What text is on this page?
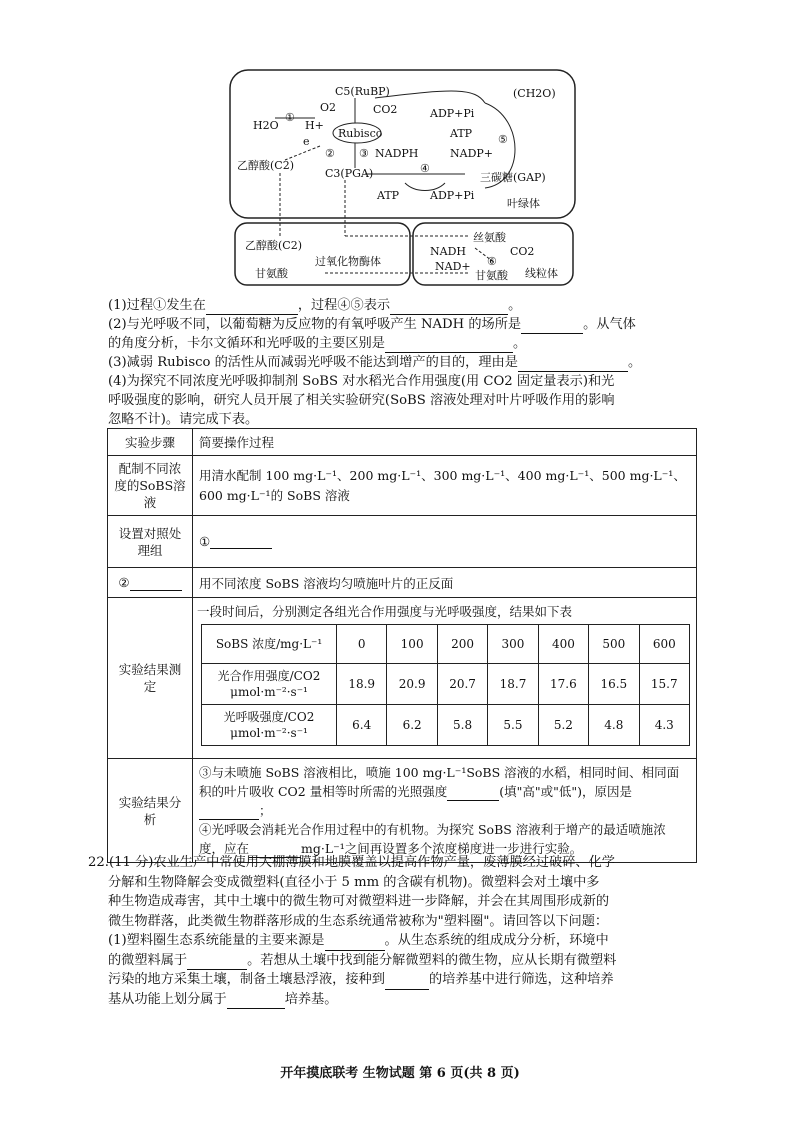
C5(RuBP)
O2	CO2
H2O
①
H+
e
Rubisco
乙醇酸(C2)
② ③ NADPH	NADP+
④
C3(PGA)
ADP+Pi
ATP
(CH2O)
⑤
三碳糖(GAP)
ATP	ADP+Pi
叶绿体
乙醇酸(C2)
过氧化物酶体
甘氨酸
丝氨酸
NADH	CO2
NAD+ ⑥
甘氨酸 线粒体
(1)过程①发生在	，过程④⑤表示	。
(2)与光呼吸不同，以葡萄糖为反应物的有氧呼吸产生 NADH 的场所是	。从气体
的角度分析，卡尔文循环和光呼吸的主要区别是	。
(3)减弱 Rubisco 的活性从而减弱光呼吸不能达到增产的目的，理由是	。
(4)为探究不同浓度光呼吸抑制剂 SoBS 对水稻光合作用强度(用 CO2 固定量表示)和光
呼吸强度的影响，研究人员开展了相关实验研究(SoBS 溶液处理对叶片呼吸作用的影响
忽略不计)。请完成下表。
实验步骤	简要操作过程
配制不同浓度的SoBS溶液	用清水配制 100 mg·L⁻¹、200 mg·L⁻¹、300 mg·L⁻¹、400 mg·L⁻¹、500 mg·L⁻¹、600 mg·L⁻¹的 SoBS 溶液
设置对照处理组	①
②	用不同浓度 SoBS 溶液均匀喷施叶片的正反面
实验结果测定	
一段时间后，分别测定各组光合作用强度与光呼吸强度，结果如下表
SoBS 浓度/mg·L⁻¹	0	100	200	300	400	500	600
光合作用强度/CO2 μmol·m⁻²·s⁻¹	18.9	20.9	20.7	18.7	17.6	16.5	15.7
光呼吸强度/CO2 μmol·m⁻²·s⁻¹	6.4	6.2	5.8	5.5	5.2	4.8	4.3

实验结果分析	③与未喷施 SoBS 溶液相比，喷施 100 mg·L⁻¹SoBS 溶液的水稻，相同时间、相同面积的叶片吸收 CO2 量相等时所需的光照强度	(填"高"或"低")，原因是；
④光呼吸会消耗光合作用过程中的有机物。为探究 SoBS 溶液利于增产的最适喷施浓度，应在	mg·L⁻¹之间再设置多个浓度梯度进一步进行实验。
22.(11 分)农业生产中常使用大棚薄膜和地膜覆盖以提高作物产量，废薄膜经过破碎、化学
分解和生物降解会变成微塑料(直径小于 5 mm 的含碳有机物)。微塑料会对土壤中多
种生物造成毒害，其中土壤中的微生物可对微塑料进一步降解，并会在其周围形成新的
微生物群落，此类微生物群落形成的生态系统通常被称为"塑料圈"。请回答以下问题：
(1)塑料圈生态系统能量的主要来源是	。从生态系统的组成成分分析，环境中
的微塑料属于	。若想从土壤中找到能分解微塑料的微生物，应从长期有微塑料
污染的地方采集土壤，制备土壤悬浮液，接种到	的培养基中进行筛选，这种培养
基从功能上划分属于	培养基。
开年摸底联考 生物试题 第 6 页(共 8 页)
